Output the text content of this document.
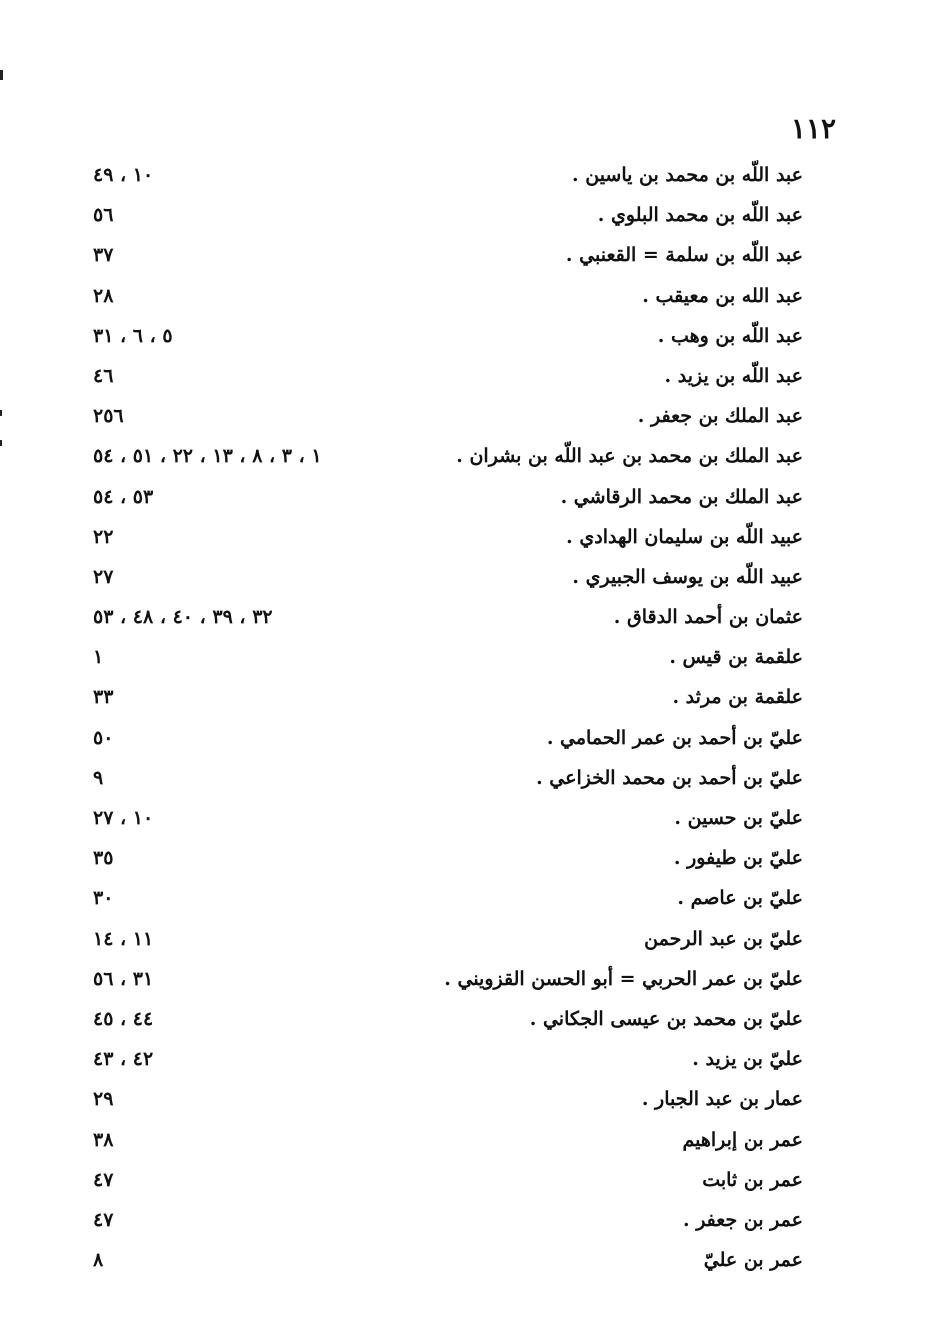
١١٢
عبد اللّه بن محمد بن ياسين .
١٠ ، ٤٩
عبد اللّه بن محمد البلوي .
٥٦
عبد اللّه بن سلمة = القعنبي .
٣٧
عبد الله بن معيقب .
٢٨
عبد اللّه بن وهب .
٥ ، ٦ ، ٣١
عبد اللّه بن يزيد .
٤٦
عبد الملك بن جعفر .
٢٥٦
عبد الملك بن محمد بن عبد اللّه بن بشران .
١ ، ٣ ، ٨ ، ١٣ ، ٢٢ ، ٥١ ، ٥٤
عبد الملك بن محمد الرقاشي .
٥٣ ، ٥٤
عبيد اللّه بن سليمان الهدادي .
٢٢
عبيد اللّه بن يوسف الجبيري .
٢٧
عثمان بن أحمد الدقاق .
٣٢ ، ٣٩ ، ٤٠ ، ٤٨ ، ٥٣
علقمة بن قيس .
١
علقمة بن مرثد .
٣٣
عليّ بن أحمد بن عمر الحمامي .
٥٠
عليّ بن أحمد بن محمد الخزاعي .
٩
عليّ بن حسين .
١٠ ، ٢٧
عليّ بن طيفور .
٣٥
عليّ بن عاصم .
٣٠
عليّ بن عبد الرحمن
١١ ، ١٤
عليّ بن عمر الحربي = أبو الحسن القزويني .
٣١ ، ٥٦
عليّ بن محمد بن عيسى الجكاني .
٤٤ ، ٤٥
عليّ بن يزيد .
٤٢ ، ٤٣
عمار بن عبد الجبار .
٢٩
عمر بن إبراهيم
٣٨
عمر بن ثابت
٤٧
عمر بن جعفر .
٤٧
عمر بن عليّ
٨
